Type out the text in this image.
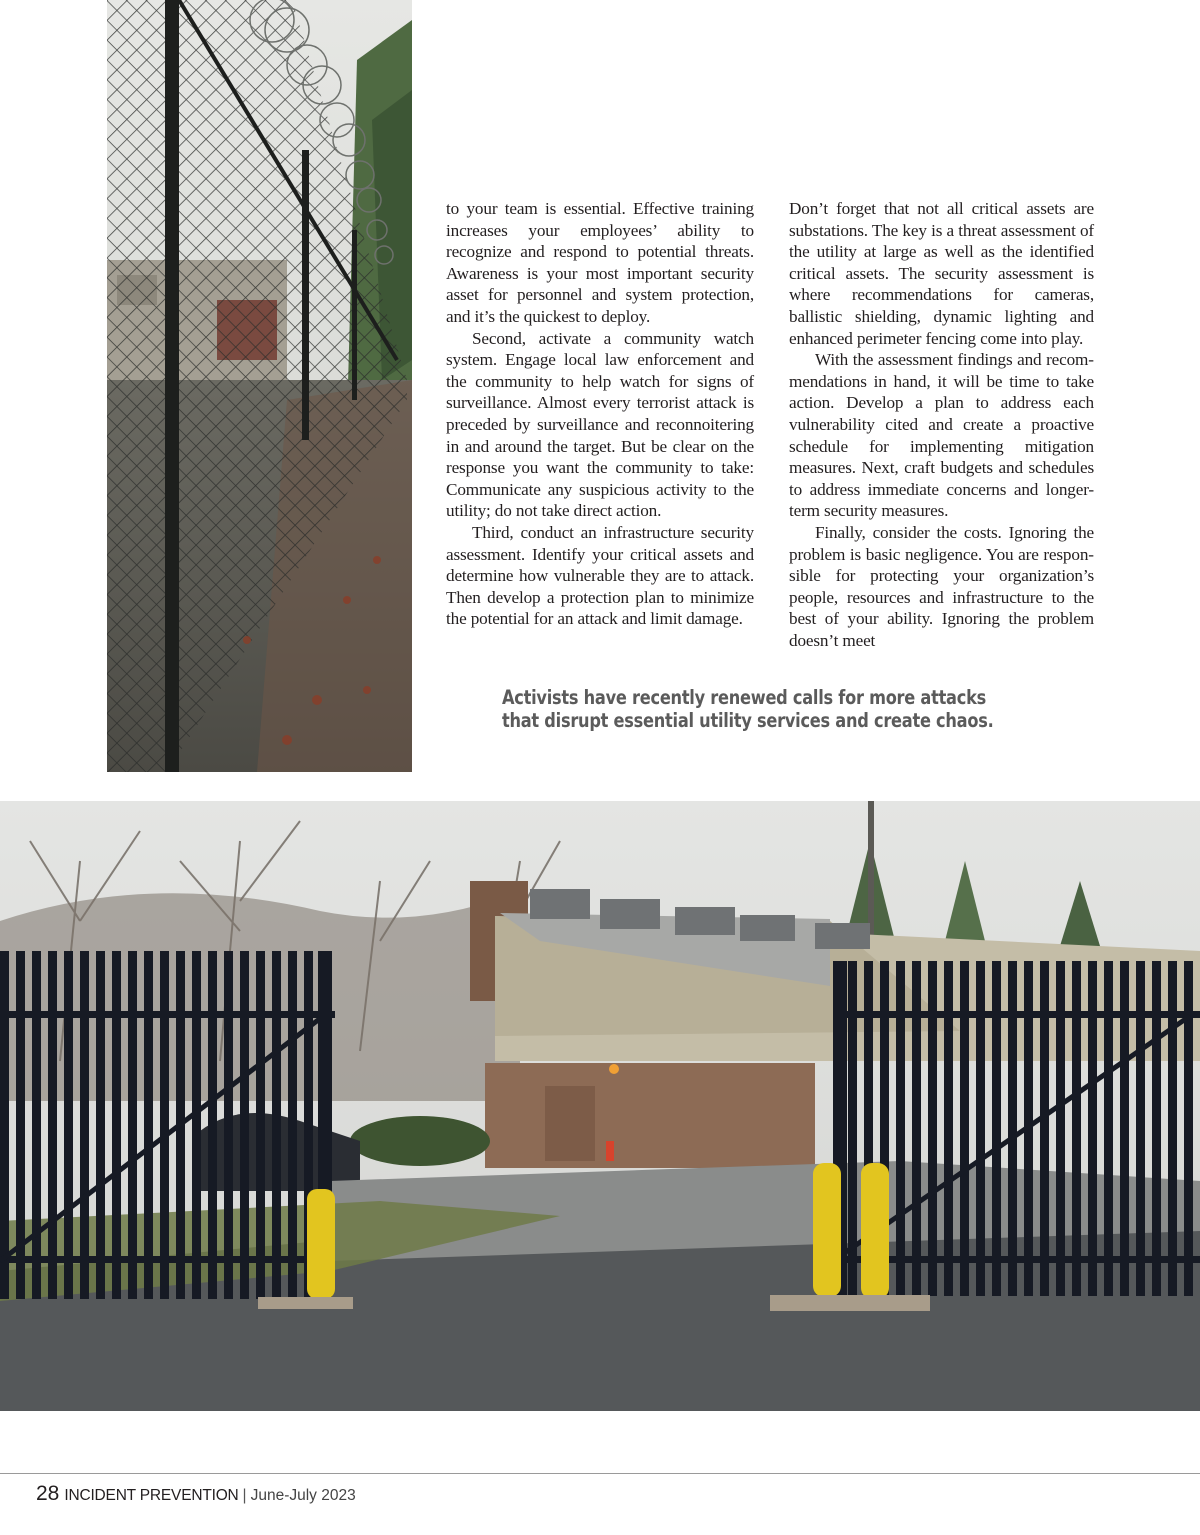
to your team is essential. Effective training increases your employees’ ability to recognize and respond to potential threats. Awareness is your most important security asset for personnel and system protection, and it’s the quickest to deploy.

Second, activate a community watch system. Engage local law enforcement and the community to help watch for signs of surveillance. Almost every terrorist attack is preceded by surveillance and reconnoitering in and around the target. But be clear on the response you want the community to take: Communicate any suspicious activity to the utility; do not take direct action.

Third, conduct an infrastructure security assessment. Identify your critical assets and determine how vulnerable they are to attack. Then develop a protection plan to minimize the potential for an attack and limit damage.

Don’t forget that not all critical assets are substations. The key is a threat assessment of the utility at large as well as the identified critical assets. The security assessment is where recommendations for cameras, ballistic shielding, dynamic lighting and enhanced perimeter fencing come into play.

With the assessment findings and recommendations in hand, it will be time to take action. Develop a plan to address each vulnerability cited and create a proactive schedule for implementing mitigation measures. Next, craft budgets and schedules to address immediate concerns and longer-term security measures.

Finally, consider the costs. Ignoring the problem is basic negligence. You are responsible for protecting your organization’s people, resources and infrastructure to the best of your ability. Ignoring the problem doesn’t meet

Activists have recently renewed calls for more attacks
that disrupt essential utility services and create chaos.
28 INCIDENT PREVENTION | June-July 2023
